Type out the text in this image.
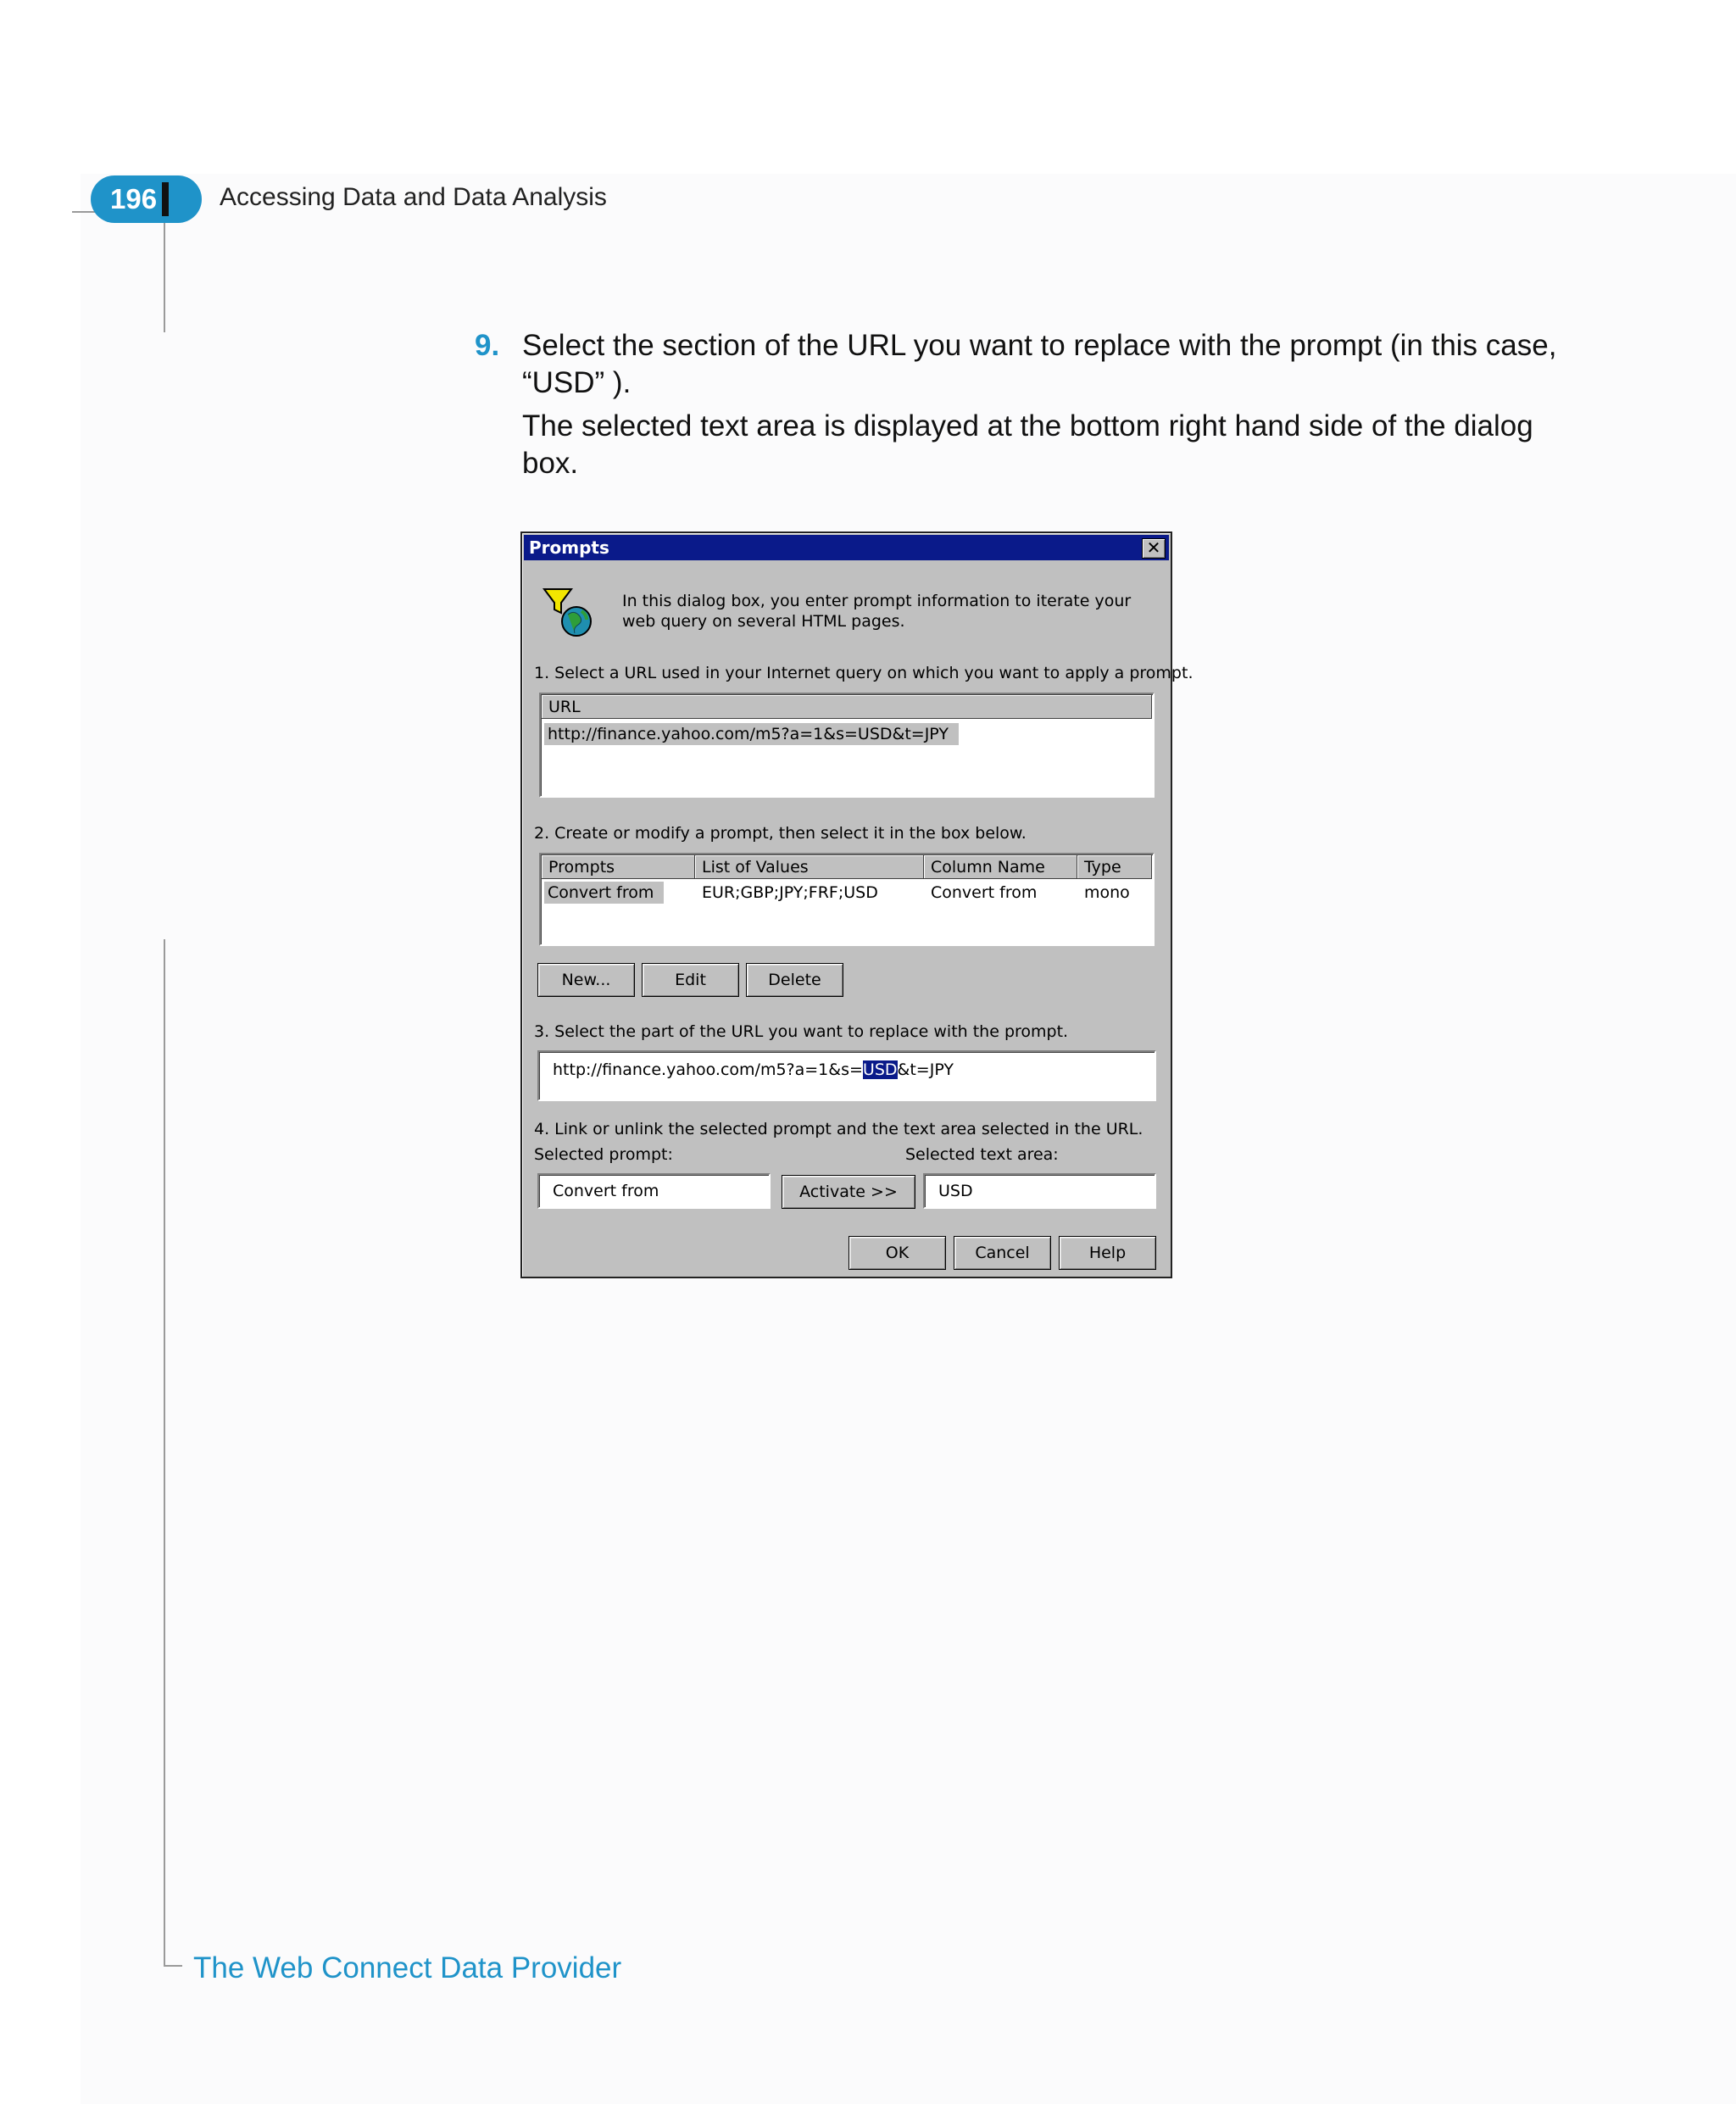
196	Accessing Data and Data Analysis
9. Select the section of the URL you want to replace with the prompt (in this case, “USD” ).
The selected text area is displayed at the bottom right hand side of the dialog box.
Prompts	✕
In this dialog box, you enter prompt information to iterate your web query on several HTML pages.
1. Select a URL used in your Internet query on which you want to apply a prompt.
URL
http://finance.yahoo.com/m5?a=1&s=USD&t=JPY
2. Create or modify a prompt, then select it in the box below.
Prompts	List of Values	Column Name	Type
Convert from	EUR;GBP;JPY;FRF;USD	Convert from	mono
New...	Edit	Delete
3. Select the part of the URL you want to replace with the prompt.
http://finance.yahoo.com/m5?a=1&s=USD&t=JPY
4. Link or unlink the selected prompt and the text area selected in the URL.
Selected prompt:	Selected text area:
Convert from	Activate >>	USD
OK	Cancel	Help
The Web Connect Data Provider
